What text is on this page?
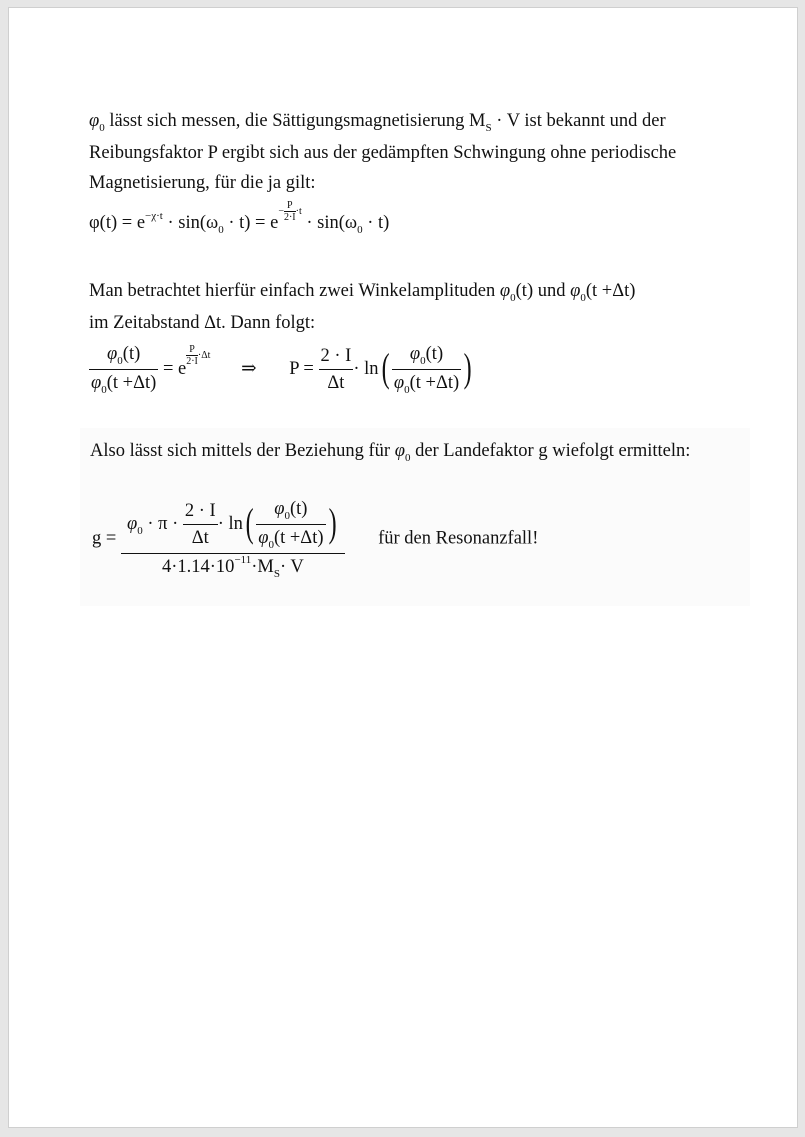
$\varphi_0$ lässt sich messen, die Sättigungsmagnetisierung $M_S \cdot V$ ist bekannt und der

Reibungsfaktor P ergibt sich aus der gedämpften Schwingung ohne periodische

Magnetisierung, für die ja gilt:

$\varphi(t) = e^{-\chi\cdot t} \cdot \sin(\omega_0 \cdot t) = e^{- \frac{P}{2\cdot I} \cdot t} \cdot \sin(\omega_0 \cdot t)$

Man betrachtet hierfür einfach zwei Winkelamplituden $\varphi_0(t)$ und $\varphi_0(t +\Delta t)$

im Zeitabstand Δt. Dann folgt:

$\frac{\varphi_0(t)}{\varphi_0(t +\Delta t)} = e$
$^{\frac{P}{2\cdot I} \cdot\Delta t}$ ⇒ $P = \frac{2 \cdot I}{\Delta t} \cdot \ln( \frac{\varphi_0(t)}{\varphi_0(t +\Delta t)}$ )

Also lässt sich mittels der Beziehung für $\varphi_0$ der Landefaktor g wiefolgt ermitteln:

g =
$\varphi_0 \cdot \pi \cdot \frac{2 \cdot I}{\Delta t} \cdot \ln( \frac{\varphi_0(t)}{\varphi_0(t +\Delta t)}$ )
$4\cdot 1.14\cdot 10^{-11}\cdot M_S\cdot V$
für den Resonanzfall!
